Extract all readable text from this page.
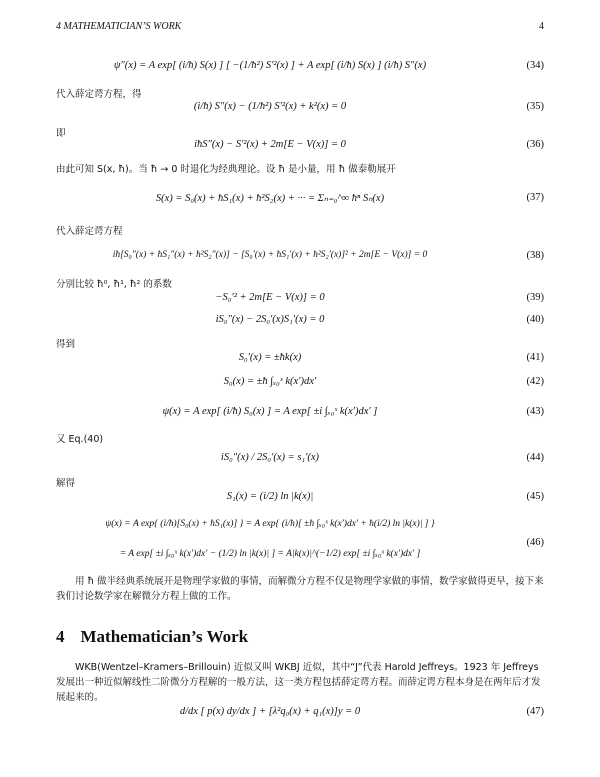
4 MATHEMATICIAN’S WORK	4
ψ″(x) = A exp[ (i/ħ) S(x) ] [ −(1/ħ²) S′²(x) ] + A exp[ (i/ħ) S(x) ] (i/ħ) S″(x)	(34)
代入薛定谔方程，得
(i/ħ) S″(x) − (1/ħ²) S′²(x) + k²(x) = 0	(35)
即
iħS″(x) − S′²(x) + 2m[E − V(x)] = 0	(36)
由此可知 S(x, ħ)。当 ħ → 0 时退化为经典理论。设 ħ 是小量，用 ħ 做泰勒展开
S(x) = S₀(x) + ħS₁(x) + ħ²S₂(x) + ··· = Σₙ₌₀^∞ ħⁿ Sₙ(x)	(37)
代入薛定谔方程
iħ[S₀″(x) + ħS₁″(x) + ħ²S₂″(x)] − [S₀′(x) + ħS₁′(x) + ħ²S₂′(x)]² + 2m[E − V(x)] = 0	(38)
分别比较 ħ⁰, ħ¹, ħ² 的系数
−S₀′² + 2m[E − V(x)] = 0	(39)
iS₀″(x) − 2S₀′(x)S₁′(x) = 0	(40)
得到
S₀′(x) = ±ħk(x)	(41)
S₀(x) = ±ħ ∫ₓ₀ˣ k(x′)dx′	(42)
ψ(x) = A exp[ (i/ħ) S₀(x) ] = A exp[ ±i ∫ₓ₀ˣ k(x′)dx′ ]	(43)
又 Eq.(40)
iS₀″(x) / 2S₀′(x) = s₁′(x)	(44)
解得
S₁(x) = (i/2) ln |k(x)|	(45)
ψ(x) = A exp{ (i/ħ)[S₀(x) + ħS₁(x)] } = A exp{ (i/ħ)[ ±ħ ∫ₓ₀ˣ k(x′)dx′ + ħ(i/2) ln |k(x)| ] }
= A exp[ ±i ∫ₓ₀ˣ k(x′)dx′ − (1/2) ln |k(x)| ] = A|k(x)|^(−1/2) exp[ ±i ∫ₓ₀ˣ k(x′)dx′ ]
(46)
用 ħ 做半经典系统展开是物理学家做的事情，而解微分方程不仅是物理学家做的事情，数学家做得更早，接下来我们讨论数学家在解微分方程上做的工作。
4 Mathematician’s Work
WKB(Wentzel–Kramers–Brillouin) 近似又叫 WKBJ 近似，其中“J”代表 Harold Jeffreys。1923 年 Jeffreys 发展出一种近似解线性二阶微分方程解的一般方法，这一类方程包括薛定谔方程。而薛定谔方程本身是在两年后才发展起来的。
d/dx [ p(x) dy/dx ] + [λ²q₀(x) + q₁(x)]y = 0	(47)
